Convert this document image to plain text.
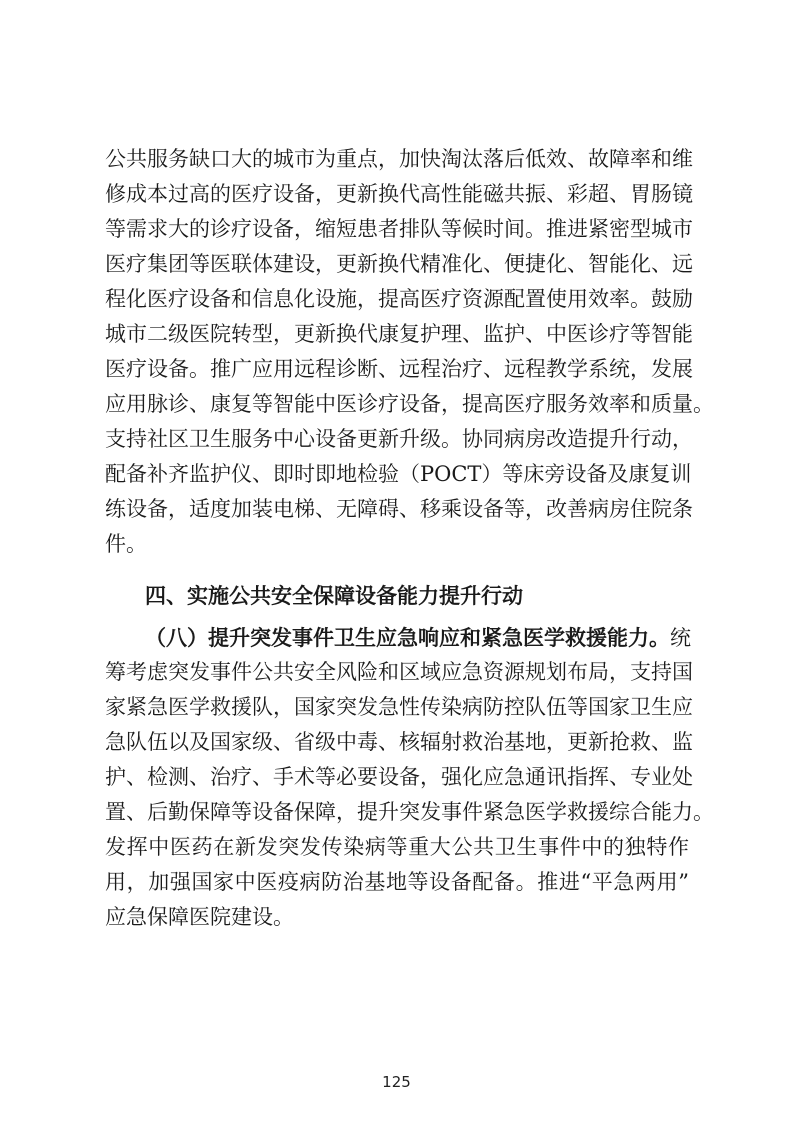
公共服务缺口大的城市为重点，加快淘汰落后低效、故障率和维
修成本过高的医疗设备，更新换代高性能磁共振、彩超、胃肠镜
等需求大的诊疗设备，缩短患者排队等候时间。推进紧密型城市
医疗集团等医联体建设，更新换代精准化、便捷化、智能化、远
程化医疗设备和信息化设施，提高医疗资源配置使用效率。鼓励
城市二级医院转型，更新换代康复护理、监护、中医诊疗等智能
医疗设备。推广应用远程诊断、远程治疗、远程教学系统，发展
应用脉诊、康复等智能中医诊疗设备，提高医疗服务效率和质量。
支持社区卫生服务中心设备更新升级。协同病房改造提升行动，
配备补齐监护仪、即时即地检验（POCT）等床旁设备及康复训
练设备，适度加装电梯、无障碍、移乘设备等，改善病房住院条
件。
四、实施公共安全保障设备能力提升行动
（八）提升突发事件卫生应急响应和紧急医学救援能力。统
筹考虑突发事件公共安全风险和区域应急资源规划布局，支持国
家紧急医学救援队，国家突发急性传染病防控队伍等国家卫生应
急队伍以及国家级、省级中毒、核辐射救治基地，更新抢救、监
护、检测、治疗、手术等必要设备，强化应急通讯指挥、专业处
置、后勤保障等设备保障，提升突发事件紧急医学救援综合能力。
发挥中医药在新发突发传染病等重大公共卫生事件中的独特作
用，加强国家中医疫病防治基地等设备配备。推进“平急两用”
应急保障医院建设。
125
